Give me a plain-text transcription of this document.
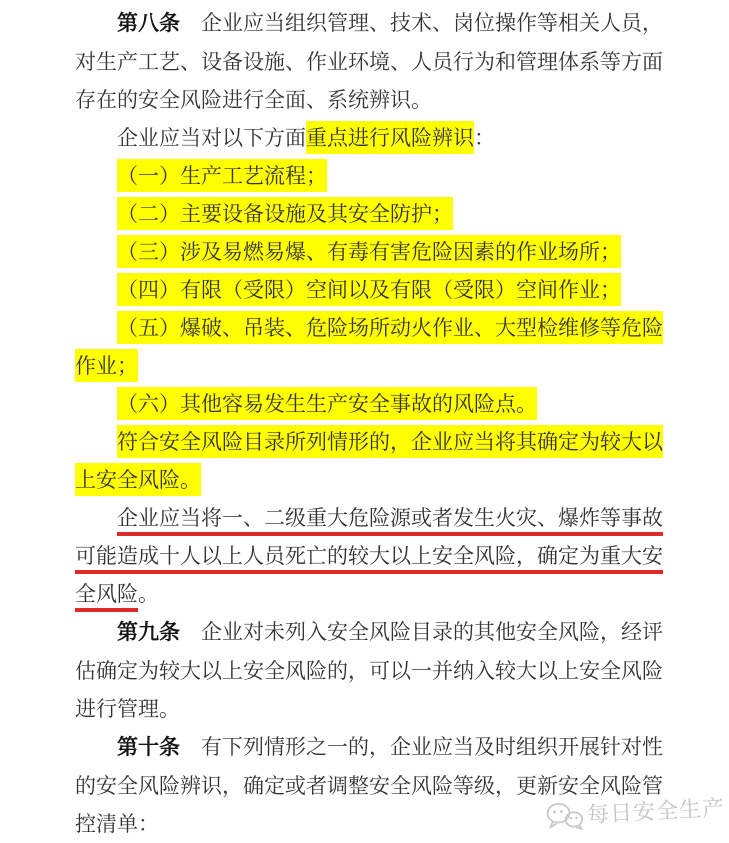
第八条　企业应当组织管理、技术、岗位操作等相关人员，对生产工艺、设备设施、作业环境、人员行为和管理体系等方面存在的安全风险进行全面、系统辨识。

企业应当对以下方面重点进行风险辨识：

（一）生产工艺流程；

（二）主要设备设施及其安全防护；

（三）涉及易燃易爆、有毒有害危险因素的作业场所；

（四）有限（受限）空间以及有限（受限）空间作业；

（五）爆破、吊装、危险场所动火作业、大型检维修等危险作业；

（六）其他容易发生生产安全事故的风险点。

符合安全风险目录所列情形的，企业应当将其确定为较大以上安全风险。

企业应当将一、二级重大危险源或者发生火灾、爆炸等事故可能造成十人以上人员死亡的较大以上安全风险，确定为重大安全风险。

第九条　企业对未列入安全风险目录的其他安全风险，经评估确定为较大以上安全风险的，可以一并纳入较大以上安全风险进行管理。

第十条　有下列情形之一的，企业应当及时组织开展针对性的安全风险辨识，确定或者调整安全风险等级，更新安全风险管控清单：	每日安全生产
